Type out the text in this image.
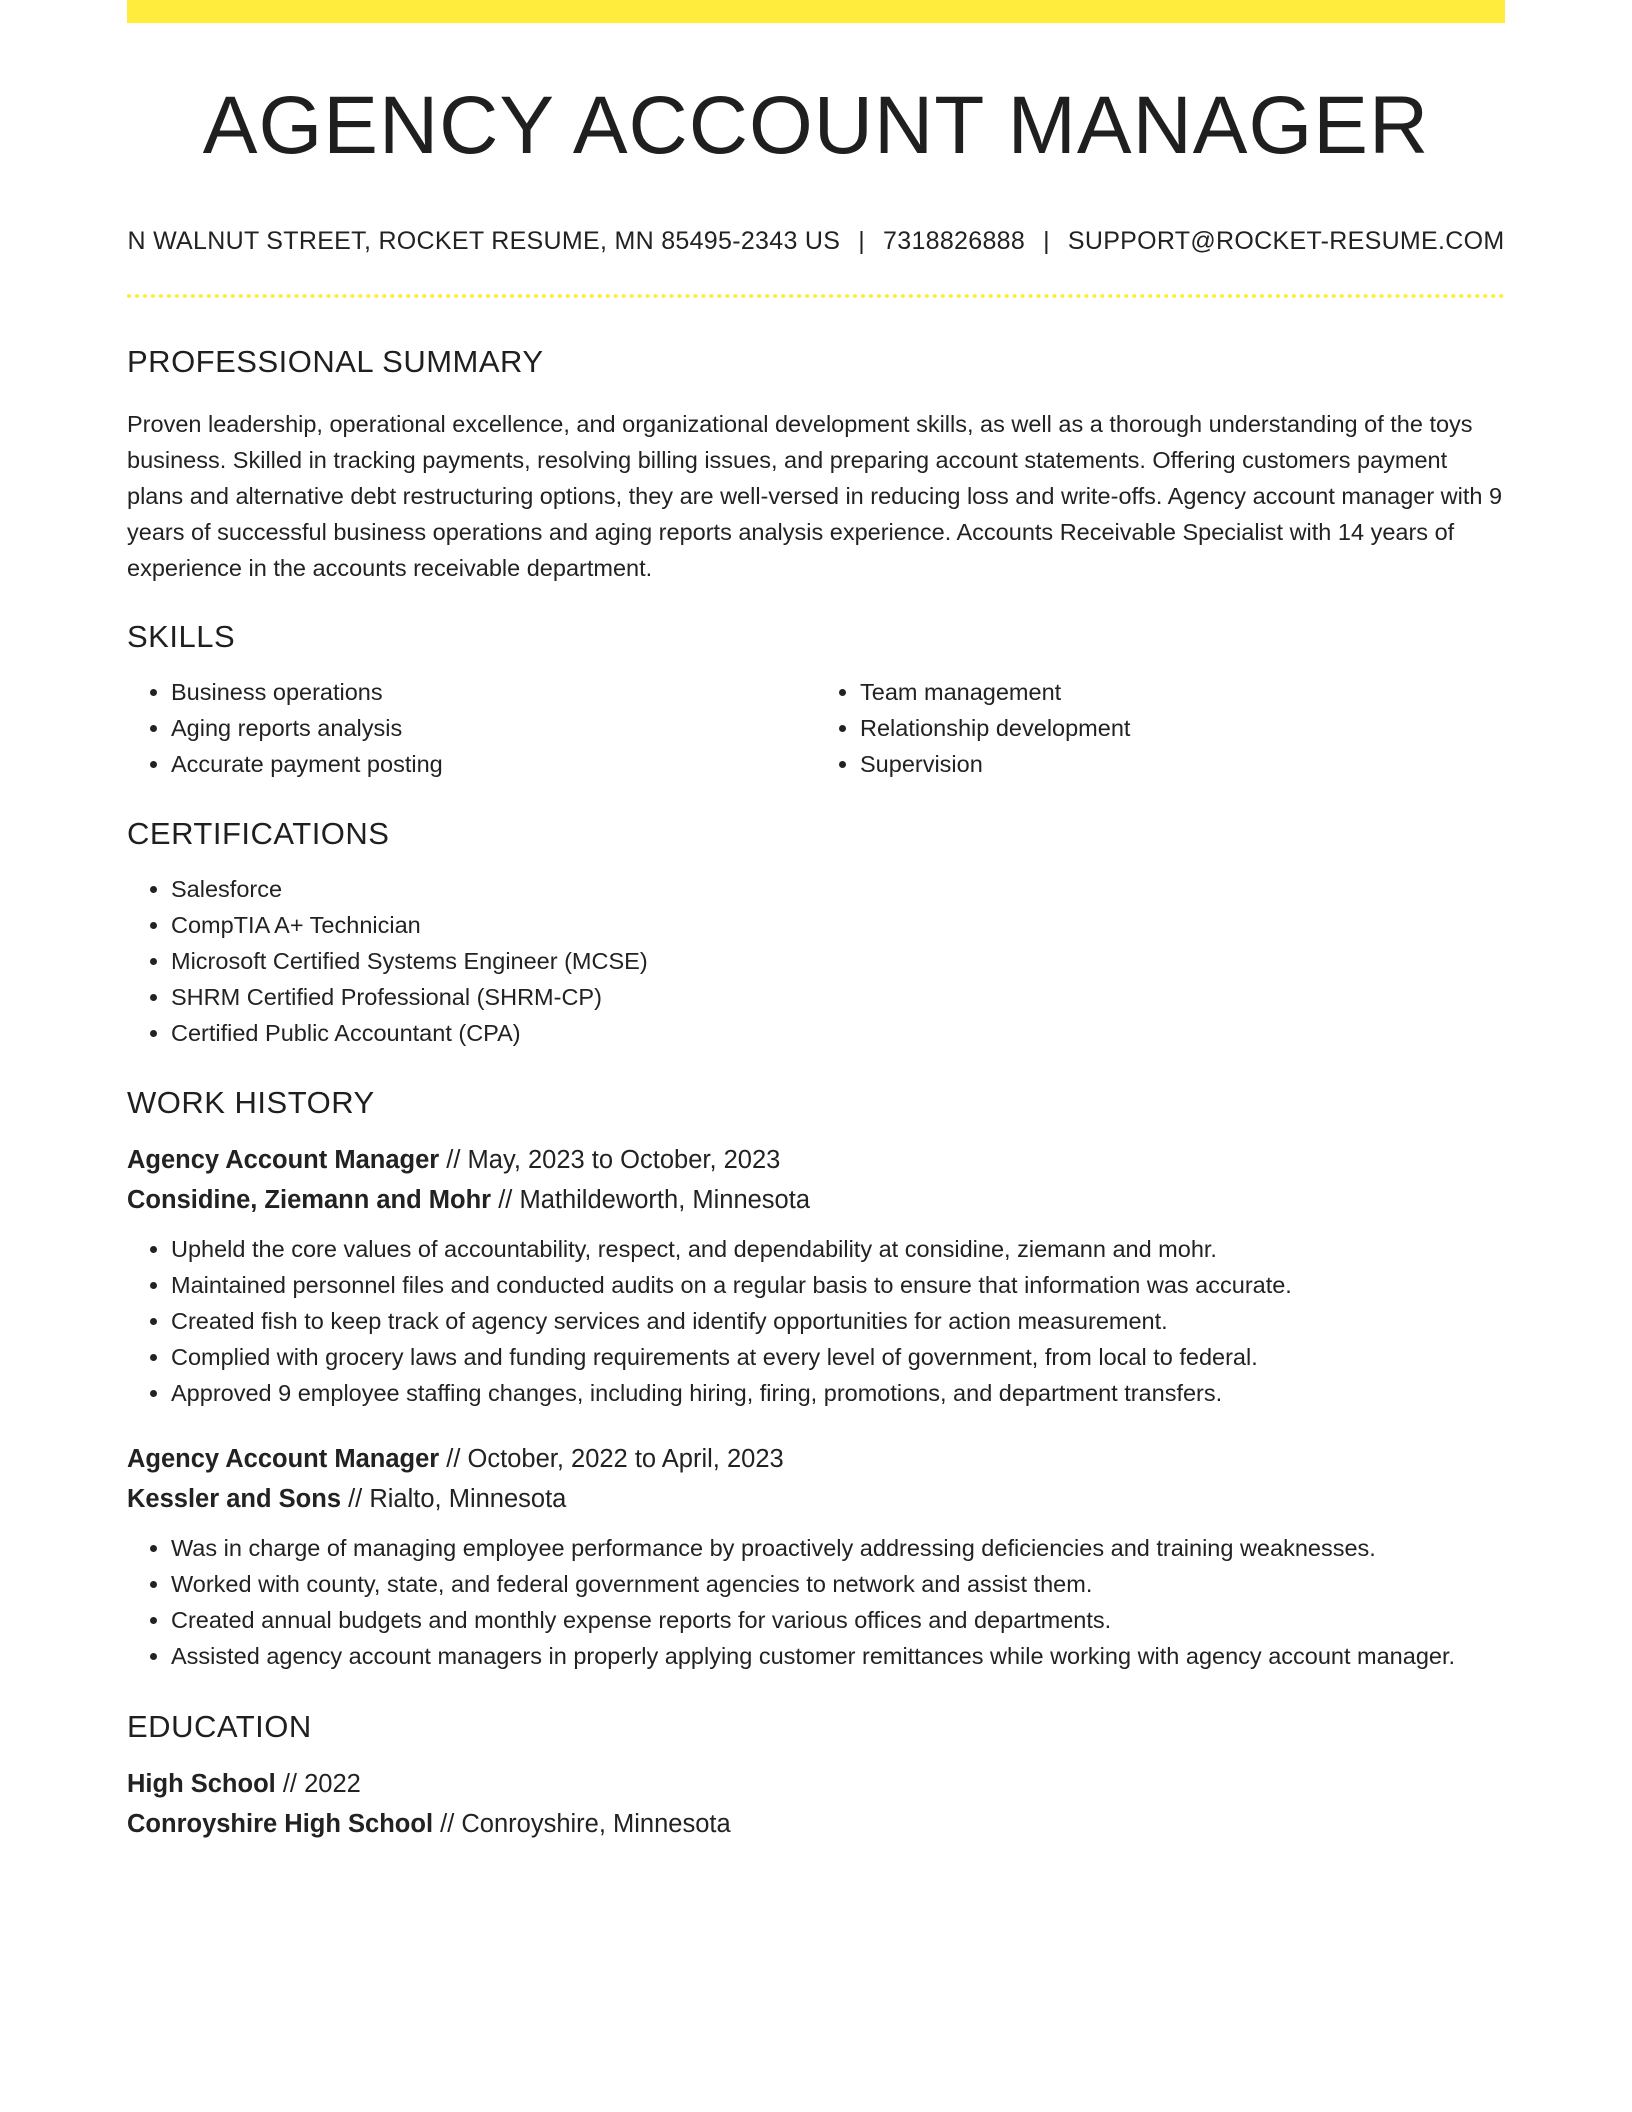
AGENCY ACCOUNT MANAGER
N WALNUT STREET, ROCKET RESUME, MN 85495-2343 US | 7318826888 | SUPPORT@ROCKET-RESUME.COM
PROFESSIONAL SUMMARY
Proven leadership, operational excellence, and organizational development skills, as well as a thorough understanding of the toys business. Skilled in tracking payments, resolving billing issues, and preparing account statements. Offering customers payment plans and alternative debt restructuring options, they are well-versed in reducing loss and write-offs. Agency account manager with 9 years of successful business operations and aging reports analysis experience. Accounts Receivable Specialist with 14 years of experience in the accounts receivable department.
SKILLS
• Business operations
• Aging reports analysis
• Accurate payment posting
• Team management
• Relationship development
• Supervision
CERTIFICATIONS
• Salesforce
• CompTIA A+ Technician
• Microsoft Certified Systems Engineer (MCSE)
• SHRM Certified Professional (SHRM-CP)
• Certified Public Accountant (CPA)
WORK HISTORY
Agency Account Manager // May, 2023 to October, 2023
Considine, Ziemann and Mohr // Mathildeworth, Minnesota
• Upheld the core values of accountability, respect, and dependability at considine, ziemann and mohr.
• Maintained personnel files and conducted audits on a regular basis to ensure that information was accurate.
• Created fish to keep track of agency services and identify opportunities for action measurement.
• Complied with grocery laws and funding requirements at every level of government, from local to federal.
• Approved 9 employee staffing changes, including hiring, firing, promotions, and department transfers.
Agency Account Manager // October, 2022 to April, 2023
Kessler and Sons // Rialto, Minnesota
• Was in charge of managing employee performance by proactively addressing deficiencies and training weaknesses.
• Worked with county, state, and federal government agencies to network and assist them.
• Created annual budgets and monthly expense reports for various offices and departments.
• Assisted agency account managers in properly applying customer remittances while working with agency account manager.
EDUCATION
High School // 2022
Conroyshire High School // Conroyshire, Minnesota
